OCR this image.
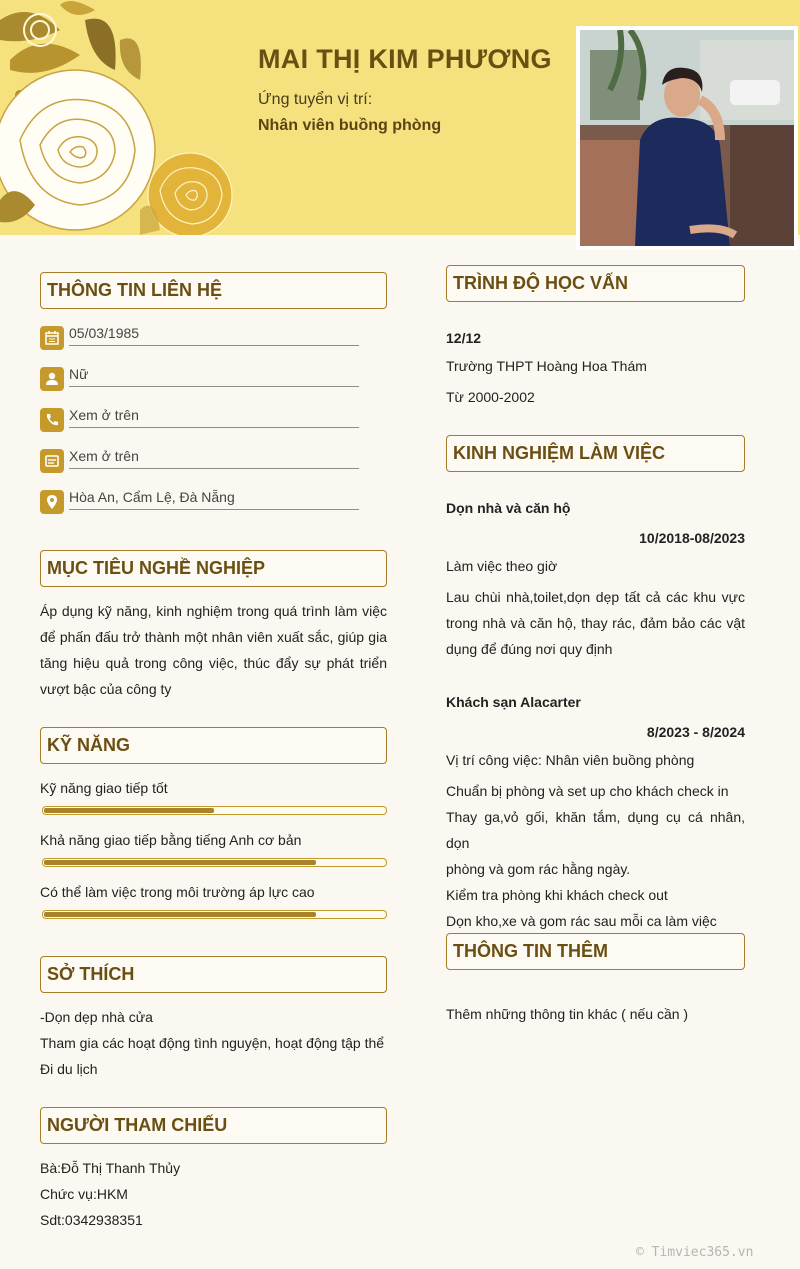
MAI THỊ KIM PHƯƠNG
Ứng tuyển vị trí:
Nhân viên buồng phòng
THÔNG TIN LIÊN HỆ
05/03/1985
Nữ
Xem ở trên
Xem ở trên
Hòa An, Cẩm Lệ, Đà Nẵng
MỤC TIÊU NGHỀ NGHIỆP
Áp dụng kỹ năng, kinh nghiệm trong quá trình làm việc
để phấn đấu trở thành một nhân viên xuất sắc, giúp gia
tăng hiệu quả trong công việc, thúc đẩy sự phát triển
vượt bậc của công ty
KỸ NĂNG
Kỹ năng giao tiếp tốt
Khả năng giao tiếp bằng tiếng Anh cơ bản
Có thể làm việc trong môi trường áp lực cao
SỞ THÍCH
-Dọn dẹp nhà cửa
Tham gia các hoạt động tình nguyện, hoạt động tập thể
Đi du lịch
NGƯỜI THAM CHIẾU
Bà:Đỗ Thị Thanh Thủy
Chức vụ:HKM
Sdt:0342938351
TRÌNH ĐỘ HỌC VẤN
12/12
Trường THPT Hoàng Hoa Thám
Từ 2000-2002
KINH NGHIỆM LÀM VIỆC
Dọn nhà và căn hộ
10/2018-08/2023
Làm việc theo giờ
Lau chùi nhà,toilet,dọn dẹp tất cả các khu vực
trong nhà và căn hộ, thay rác, đảm bảo các vật
dụng để đúng nơi quy định
Khách sạn Alacarter
8/2023 - 8/2024
Vị trí công việc: Nhân viên buồng phòng
Chuẩn bị phòng và set up cho khách check in
Thay ga,vỏ gối, khăn tắm, dụng cụ cá nhân, dọn
phòng và gom rác hằng ngày.
Kiểm tra phòng khi khách check out
Dọn kho,xe và gom rác sau mỗi ca làm việc
THÔNG TIN THÊM
Thêm những thông tin khác ( nếu cần )
© Timviec365.vn
